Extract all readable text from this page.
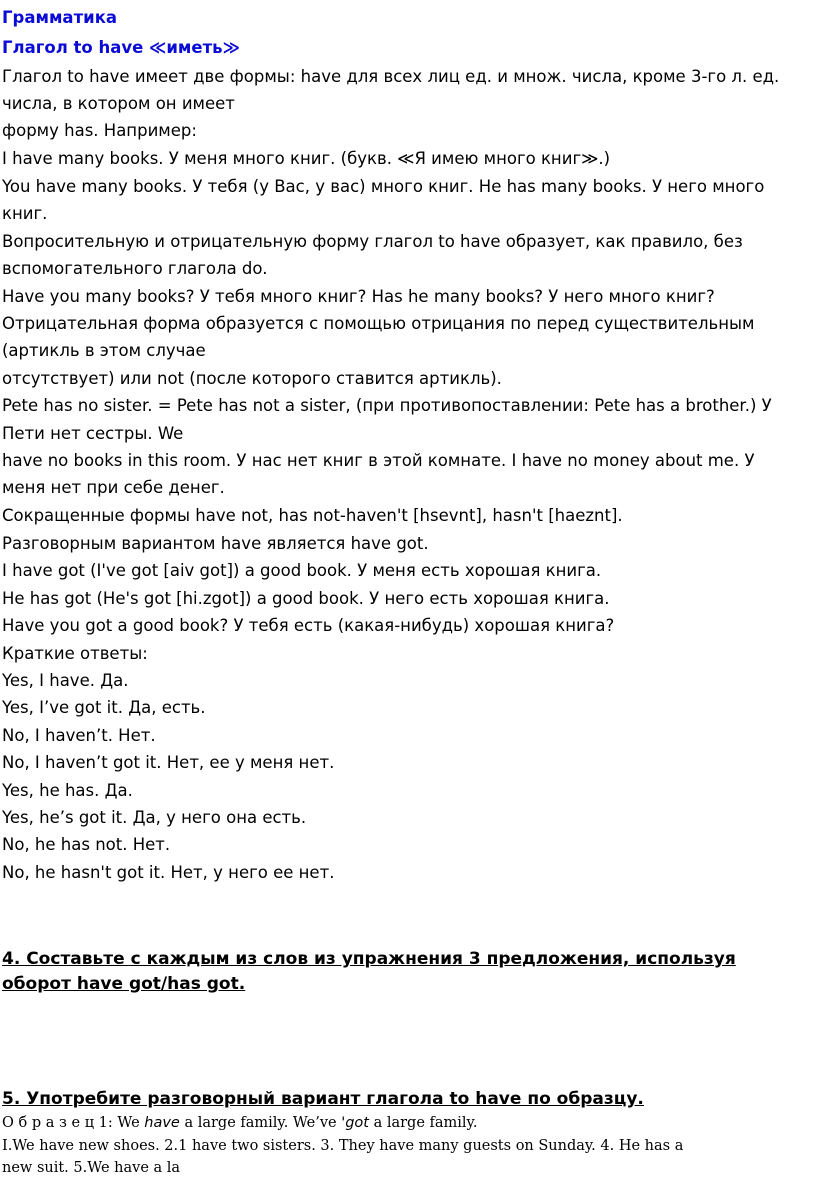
Грамматика
Глагол to have ≪иметь≫
Глагол to have имеет две формы: have для всех лиц ед. и множ. числа, кроме 3-го л. ед.
числа, в котором он имеет
форму has. Например:
I have many books. У меня много книг. (букв. ≪Я имею много книг≫.)
You have many books. У тебя (у Вас, у вас) много книг. He has many books. У него много
книг.
Вопросительную и отрицательную форму глагол to have образует, как правило, без
вспомогательного глагола do.
Have you many books? У тебя много книг? Has he many books? У него много книг?
Отрицательная форма образуется с помощью отрицания по перед существительным
(артикль в этом случае
отсутствует) или not (после которого ставится артикль).
Pete has no sister. = Pete has not a sister, (при противопоставлении: Pete has a brother.) У
Пети нет сестры. We
have no books in this room. У нас нет книг в этой комнате. I have no money about me. У
меня нет при себе денег.
Сокращенные формы have not, has not-haven't [hsevnt], hasn't [haeznt].
Разговорным вариантом have является have got.
I have got (I've got [aiv got]) a good book. У меня есть хорошая книга.
He has got (He's got [hi.zgot]) a good book. У него есть хорошая книга.
Have you got a good book? У тебя есть (какая-нибудь) хорошая книга?
Краткие ответы:
Yes, I have. Да.
Yes, I’ve got it. Да, есть.
No, I haven’t. Нет.
No, I haven’t got it. Нет, ее у меня нет.
Yes, he has. Да.
Yes, he’s got it. Да, у него она есть.
No, he has not. Нет.
No, he hasn't got it. Нет, у него ее нет.
4. Составьте с каждым из слов из упражнения 3 предложения, используя
оборот have got/has got.
5. Употребите разговорный вариант глагола to have по образцу.
О б р а з е ц 1: We have a large family. We’ve 'got a large family.
I.We have new shoes. 2.1 have two sisters. 3. They have many guests on Sunday. 4. He has a
new suit. 5.We have a la
